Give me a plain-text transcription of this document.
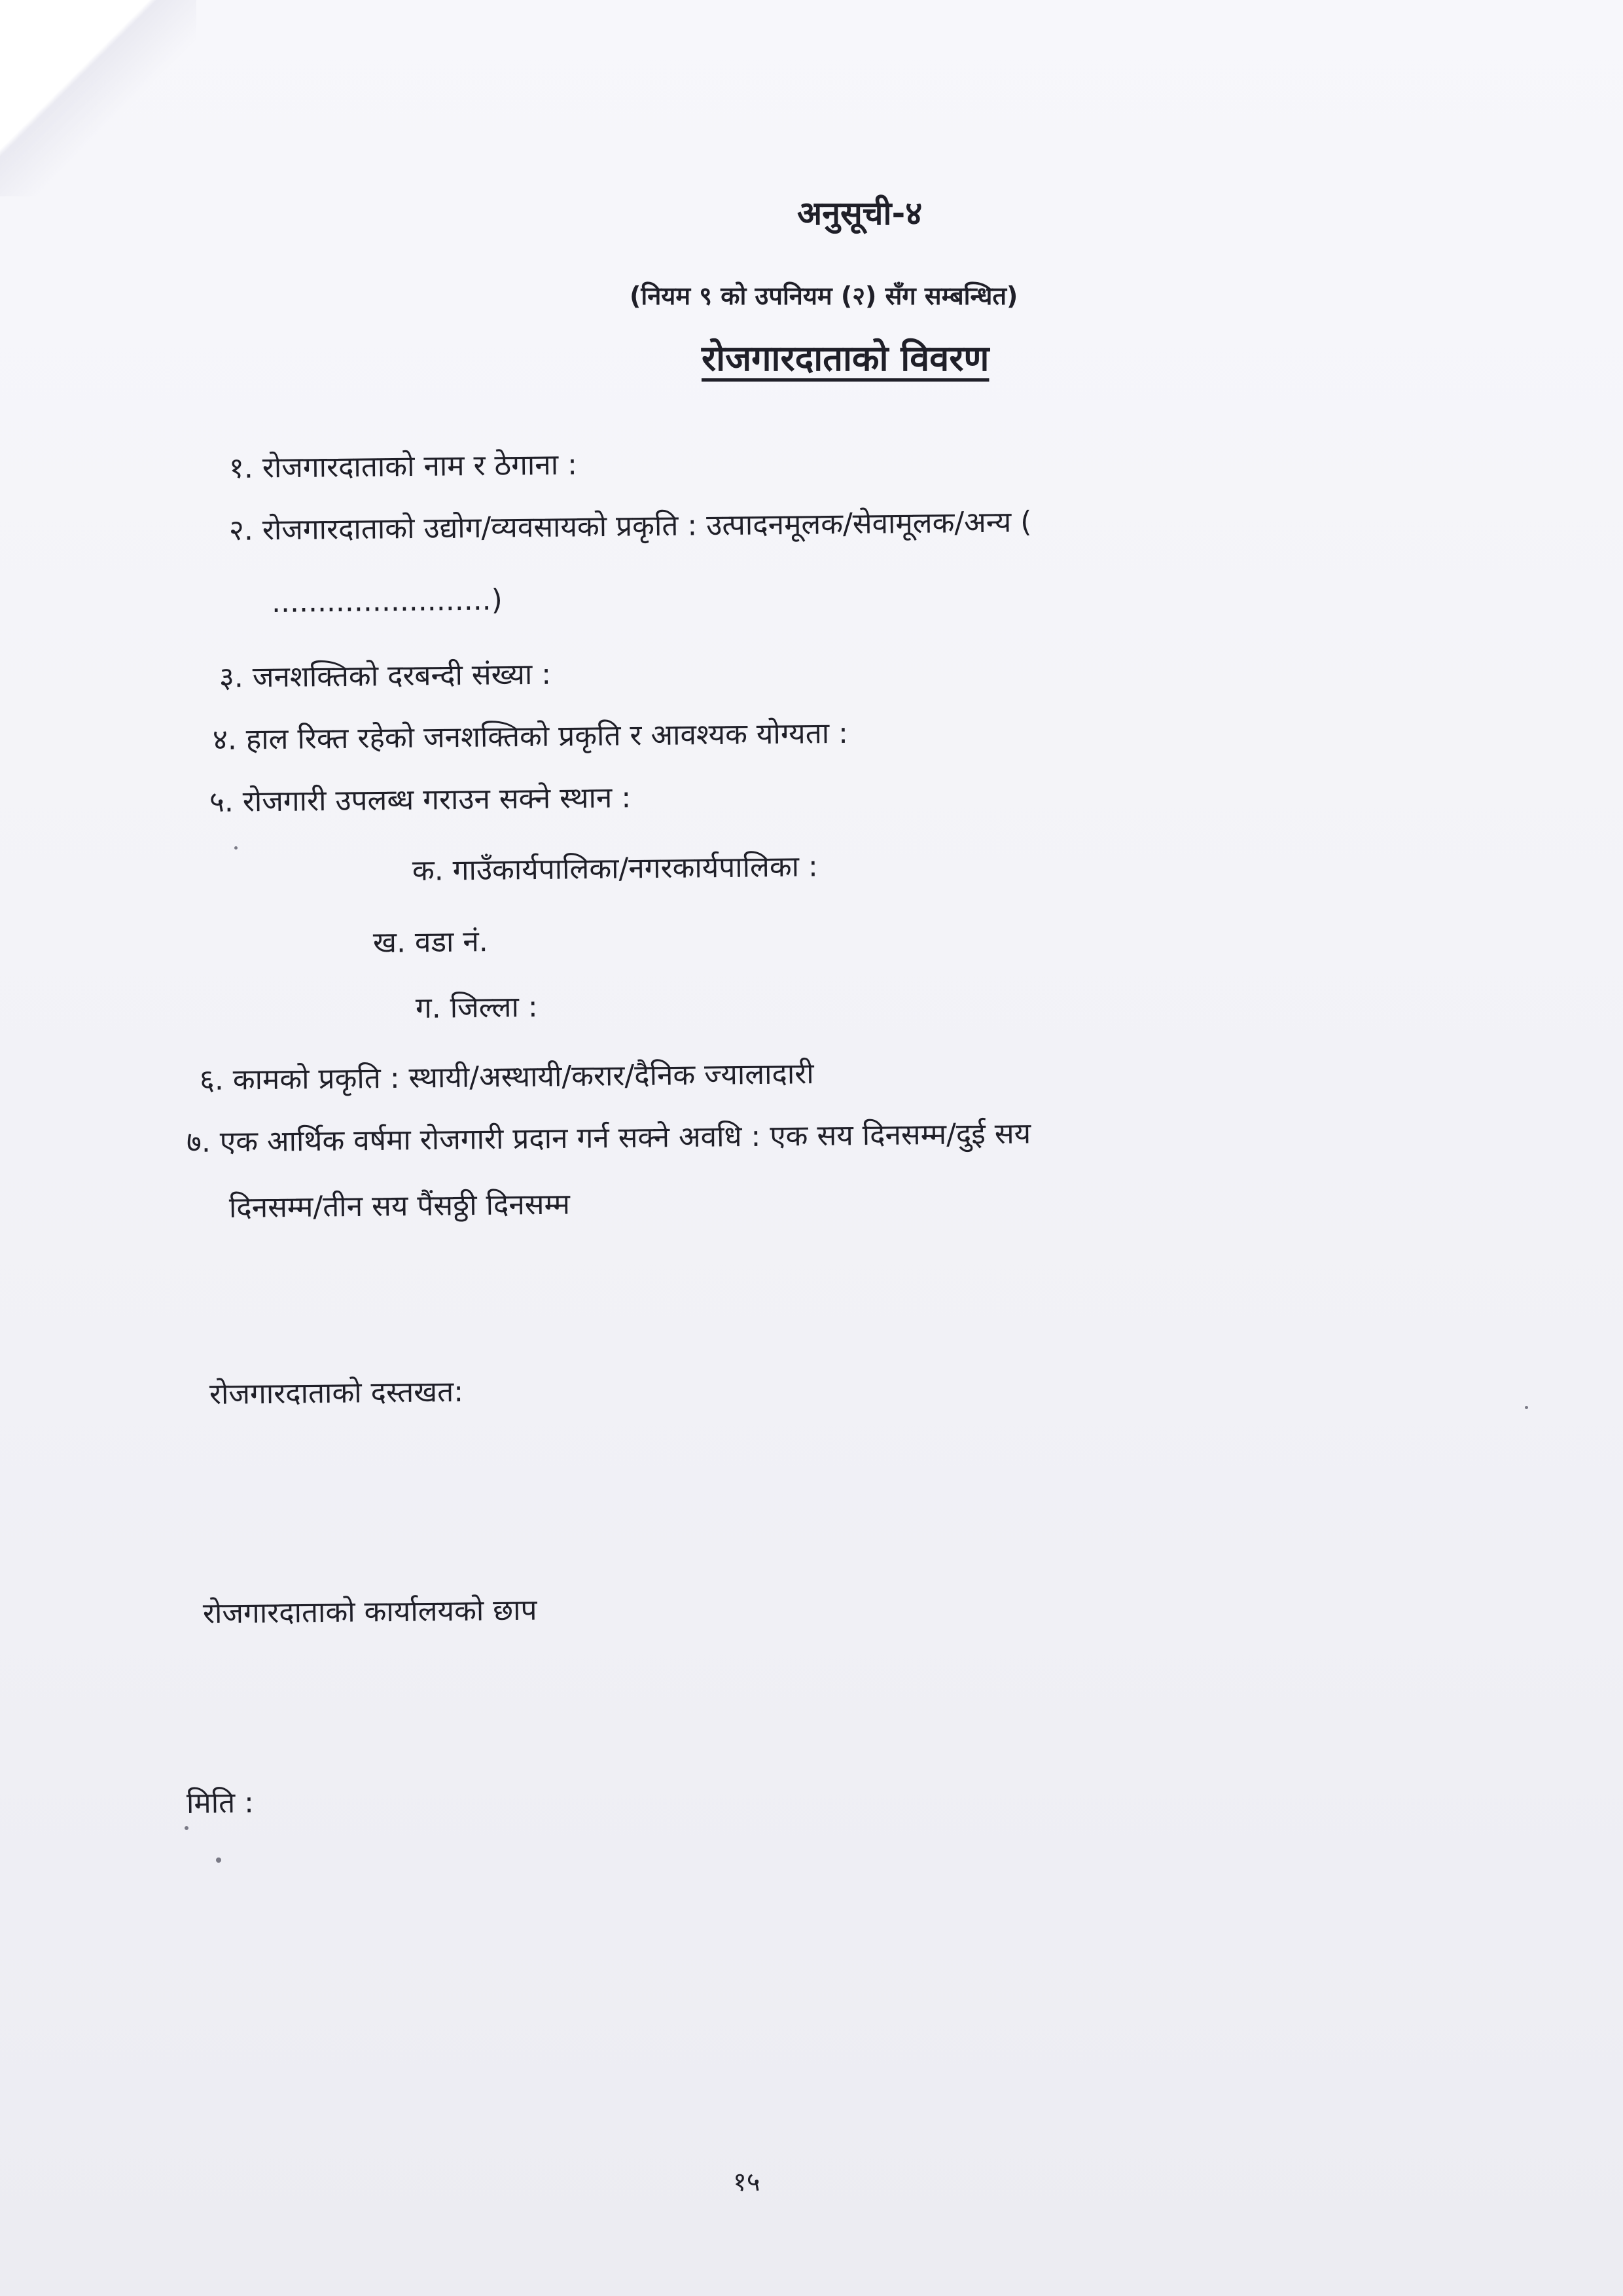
अनुसूची-४
(नियम ९ को उपनियम (२) सँग सम्बन्धित)
रोजगारदाताको विवरण
१. रोजगारदाताको नाम र ठेगाना :
२. रोजगारदाताको उद्योग/व्यवसायको प्रकृति : उत्पादनमूलक/सेवामूलक/अन्य (
........................)
३. जनशक्तिको दरबन्दी संख्या :
४. हाल रिक्त रहेको जनशक्तिको प्रकृति र आवश्यक योग्यता :
५. रोजगारी उपलब्ध गराउन सक्ने स्थान :
क. गाउँकार्यपालिका/नगरकार्यपालिका :
ख. वडा नं.
ग. जिल्ला :
६. कामको प्रकृति : स्थायी/अस्थायी/करार/दैनिक ज्यालादारी
७. एक आर्थिक वर्षमा रोजगारी प्रदान गर्न सक्ने अवधि : एक सय दिनसम्म/दुई सय
दिनसम्म/तीन सय पैंसठ्ठी दिनसम्म
रोजगारदाताको दस्तखत:
रोजगारदाताको कार्यालयको छाप
मिति :
१५
